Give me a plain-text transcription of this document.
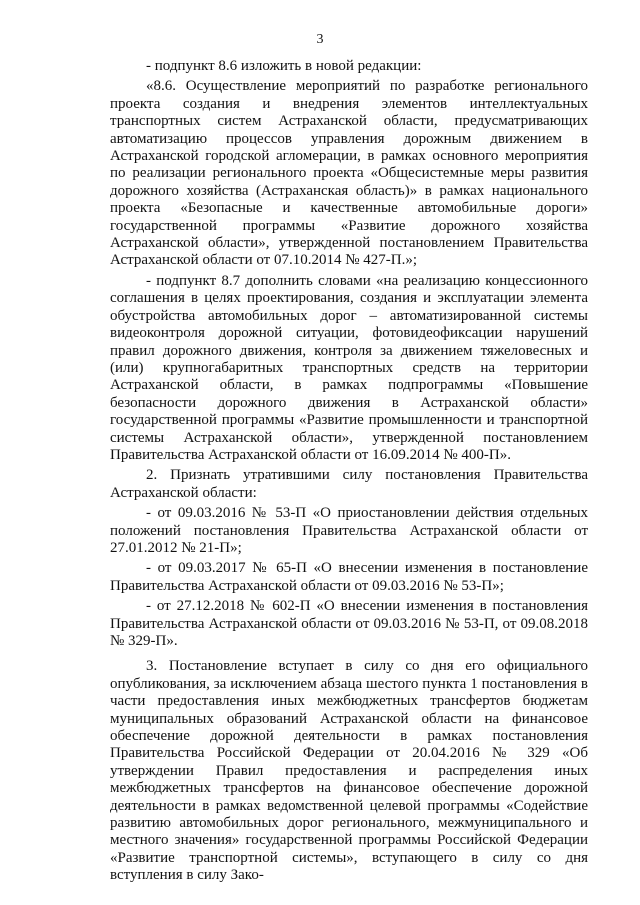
3

- подпункт 8.6 изложить в новой редакции:

«8.6. Осуществление мероприятий по разработке регионального проекта создания и внедрения элементов интеллектуальных транспортных систем Астраханской области, предусматривающих автоматизацию процессов управления дорожным движением в Астраханской городской агломерации, в рамках основного мероприятия по реализации регионального проекта «Общесистемные меры развития дорожного хозяйства (Астраханская область)» в рамках национального проекта «Безопасные и качественные автомобильные дороги» государственной программы «Развитие дорожного хозяйства Астраханской области», утвержденной постановлением Правительства Астраханской области от 07.10.2014 № 427-П.»;

- подпункт 8.7 дополнить словами «на реализацию концессионного соглашения в целях проектирования, создания и эксплуатации элемента обустройства автомобильных дорог – автоматизированной системы видеоконтроля дорожной ситуации, фотовидеофиксации нарушений правил дорожного движения, контроля за движением тяжеловесных и (или) крупногабаритных транспортных средств на территории Астраханской области, в рамках подпрограммы «Повышение безопасности дорожного движения в Астраханской области» государственной программы «Развитие промышленности и транспортной системы Астраханской области», утвержденной постановлением Правительства Астраханской области от 16.09.2014 № 400-П».

2. Признать утратившими силу постановления Правительства Астраханской области:

- от 09.03.2016 № 53-П «О приостановлении действия отдельных положений постановления Правительства Астраханской области от 27.01.2012 № 21-П»;

- от 09.03.2017 № 65-П «О внесении изменения в постановление Правительства Астраханской области от 09.03.2016 № 53-П»;

- от 27.12.2018 № 602-П «О внесении изменения в постановления Правительства Астраханской области от 09.03.2016 № 53-П, от 09.08.2018 № 329-П».

3. Постановление вступает в силу со дня его официального опубликования, за исключением абзаца шестого пункта 1 постановления в части предоставления иных межбюджетных трансфертов бюджетам муниципальных образований Астраханской области на финансовое обеспечение дорожной деятельности в рамках постановления Правительства Российской Федерации от 20.04.2016 № 329 «Об утверждении Правил предоставления и распределения иных межбюджетных трансфертов на финансовое обеспечение дорожной деятельности в рамках ведомственной целевой программы «Содействие развитию автомобильных дорог регионального, межмуниципального и местного значения» государственной программы Российской Федерации «Развитие транспортной системы», вступающего в силу со дня вступления в силу Зако-
